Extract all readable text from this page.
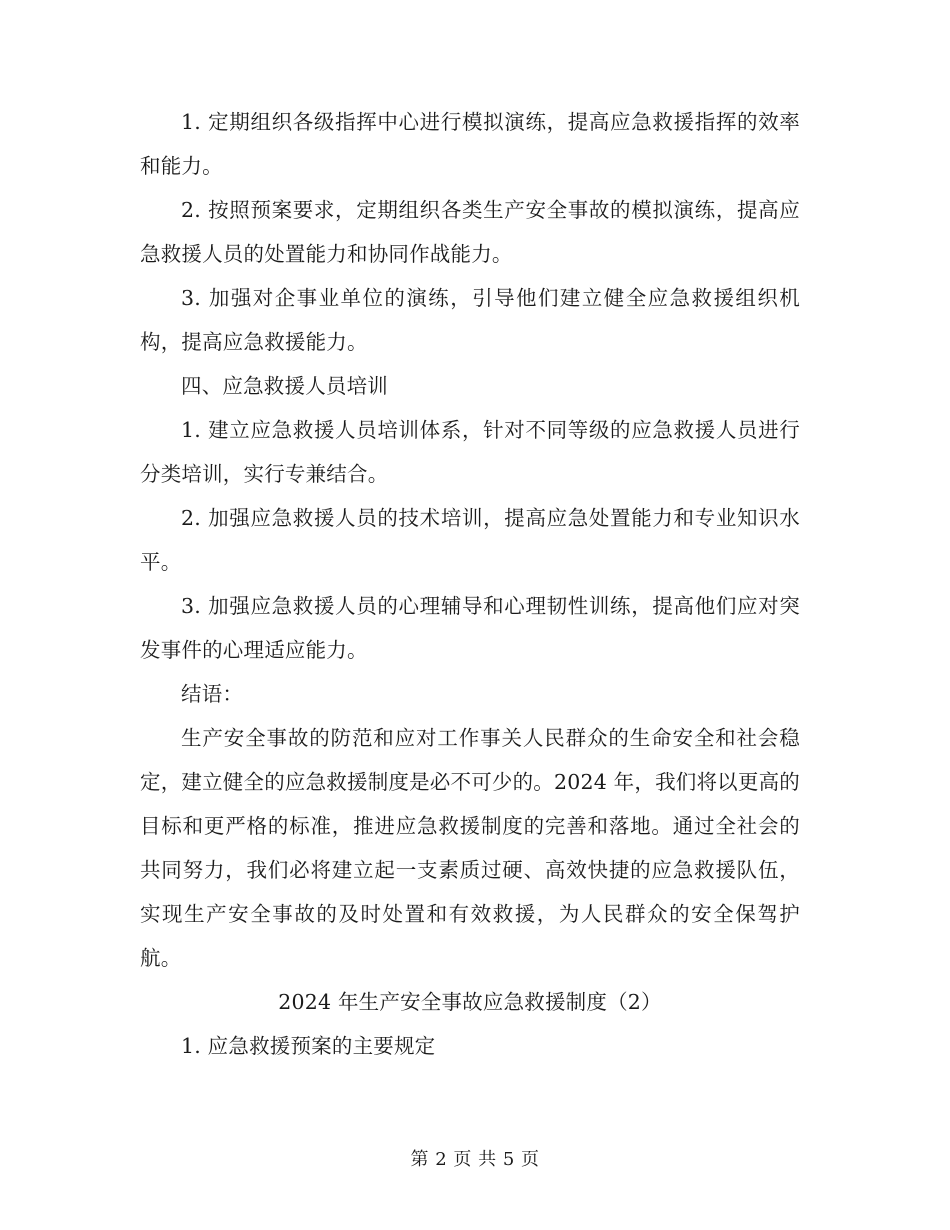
1. 定期组织各级指挥中心进行模拟演练，提高应急救援指挥的效率和能力。

2. 按照预案要求，定期组织各类生产安全事故的模拟演练，提高应急救援人员的处置能力和协同作战能力。

3. 加强对企事业单位的演练，引导他们建立健全应急救援组织机构，提高应急救援能力。

四、应急救援人员培训

1. 建立应急救援人员培训体系，针对不同等级的应急救援人员进行分类培训，实行专兼结合。

2. 加强应急救援人员的技术培训，提高应急处置能力和专业知识水平。

3. 加强应急救援人员的心理辅导和心理韧性训练，提高他们应对突发事件的心理适应能力。

结语：

生产安全事故的防范和应对工作事关人民群众的生命安全和社会稳定，建立健全的应急救援制度是必不可少的。2024 年，我们将以更高的目标和更严格的标准，推进应急救援制度的完善和落地。通过全社会的共同努力，我们必将建立起一支素质过硬、高效快捷的应急救援队伍，实现生产安全事故的及时处置和有效救援，为人民群众的安全保驾护航。

2024 年生产安全事故应急救援制度（2）

1. 应急救援预案的主要规定

第 2 页 共 5 页
